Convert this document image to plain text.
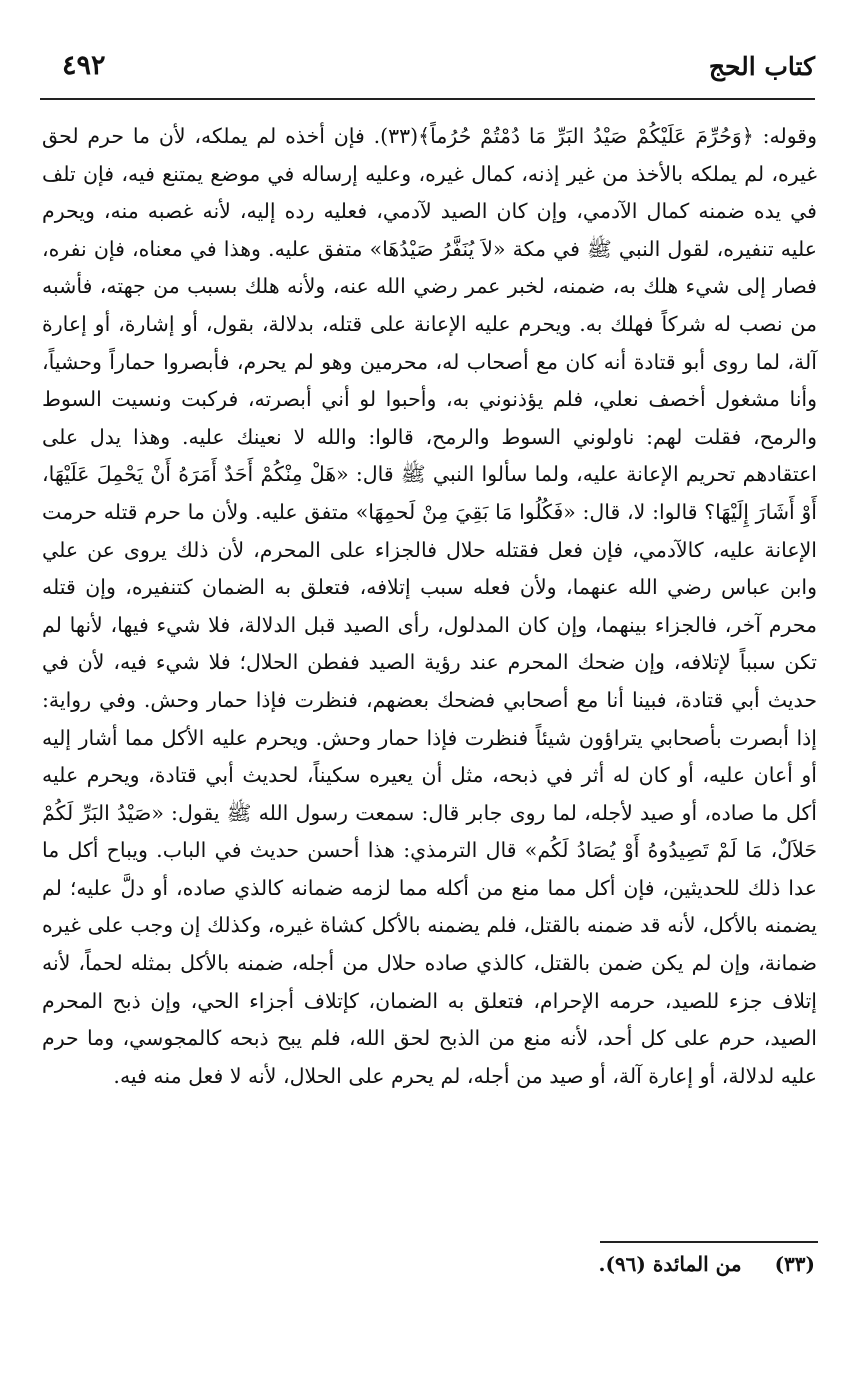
٤٩٢	كتاب الحج

وقوله: ﴿وَحُرِّمَ عَلَيْكُمْ صَيْدُ البَرِّ مَا دُمْتُمْ حُرُماً﴾(٣٣). فإن أخذه لم يملكه، لأن ما حرم لحق غيره، لم يملكه بالأخذ من غير إذنه، كمال غيره، وعليه إرساله في موضع يمتنع فيه، فإن تلف في يده ضمنه كمال الآدمي، وإن كان الصيد لآدمي، فعليه رده إليه، لأنه غصبه منه، ويحرم عليه تنفيره، لقول النبي ﷺ في مكة «لاَ يُنَفَّرُ صَيْدُهَا» متفق عليه. وهذا في معناه، فإن نفره، فصار إلى شيء هلك به، ضمنه، لخبر عمر رضي الله عنه، ولأنه هلك بسبب من جهته، فأشبه من نصب له شركاً فهلك به. ويحرم عليه الإعانة على قتله، بدلالة، بقول، أو إشارة، أو إعارة آلة، لما روى أبو قتادة أنه كان مع أصحاب له، محرمين وهو لم يحرم، فأبصروا حماراً وحشياً، وأنا مشغول أخصف نعلي، فلم يؤذنوني به، وأحبوا لو أني أبصرته، فركبت ونسيت السوط والرمح، فقلت لهم: ناولوني السوط والرمح، قالوا: والله لا نعينك عليه. وهذا يدل على اعتقادهم تحريم الإعانة عليه، ولما سألوا النبي ﷺ قال: «هَلْ مِنْكُمْ أَحَدٌ أَمَرَهُ أَنْ يَحْمِلَ عَلَيْهَا، أَوْ أَشَارَ إِلَيْهَا؟ قالوا: لا، قال: «فَكُلُوا مَا بَقِيَ مِنْ لَحمِهَا» متفق عليه. ولأن ما حرم قتله حرمت الإعانة عليه، كالآدمي، فإن فعل فقتله حلال فالجزاء على المحرم، لأن ذلك يروى عن علي وابن عباس رضي الله عنهما، ولأن فعله سبب إتلافه، فتعلق به الضمان كتنفيره، وإن قتله محرم آخر، فالجزاء بينهما، وإن كان المدلول، رأى الصيد قبل الدلالة، فلا شيء فيها، لأنها لم تكن سبباً لإتلافه، وإن ضحك المحرم عند رؤية الصيد ففطن الحلال؛ فلا شيء فيه، لأن في حديث أبي قتادة، فبينا أنا مع أصحابي فضحك بعضهم، فنظرت فإذا حمار وحش. وفي رواية: إذا أبصرت بأصحابي يتراؤون شيئاً فنظرت فإذا حمار وحش. ويحرم عليه الأكل مما أشار إليه أو أعان عليه، أو كان له أثر في ذبحه، مثل أن يعيره سكيناً، لحديث أبي قتادة، ويحرم عليه أكل ما صاده، أو صيد لأجله، لما روى جابر قال: سمعت رسول الله ﷺ يقول: «صَيْدُ البَرِّ لَكُمْ حَلاَلٌ، مَا لَمْ تَصِيدُوهُ أَوْ يُصَادُ لَكُم» قال الترمذي: هذا أحسن حديث في الباب. ويباح أكل ما عدا ذلك للحديثين، فإن أكل مما منع من أكله مما لزمه ضمانه كالذي صاده، أو دلَّ عليه؛ لم يضمنه بالأكل، لأنه قد ضمنه بالقتل، فلم يضمنه بالأكل كشاة غيره، وكذلك إن وجب على غيره ضمانة، وإن لم يكن ضمن بالقتل، كالذي صاده حلال من أجله، ضمنه بالأكل بمثله لحماً، لأنه إتلاف جزء للصيد، حرمه الإحرام، فتعلق به الضمان، كإتلاف أجزاء الحي، وإن ذبح المحرم الصيد، حرم على كل أحد، لأنه منع من الذبح لحق الله، فلم يبح ذبحه كالمجوسي، وما حرم عليه لدلالة، أو إعارة آلة، أو صيد من أجله، لم يحرم على الحلال، لأنه لا فعل منه فيه.

(٣٣) من المائدة (٩٦).
